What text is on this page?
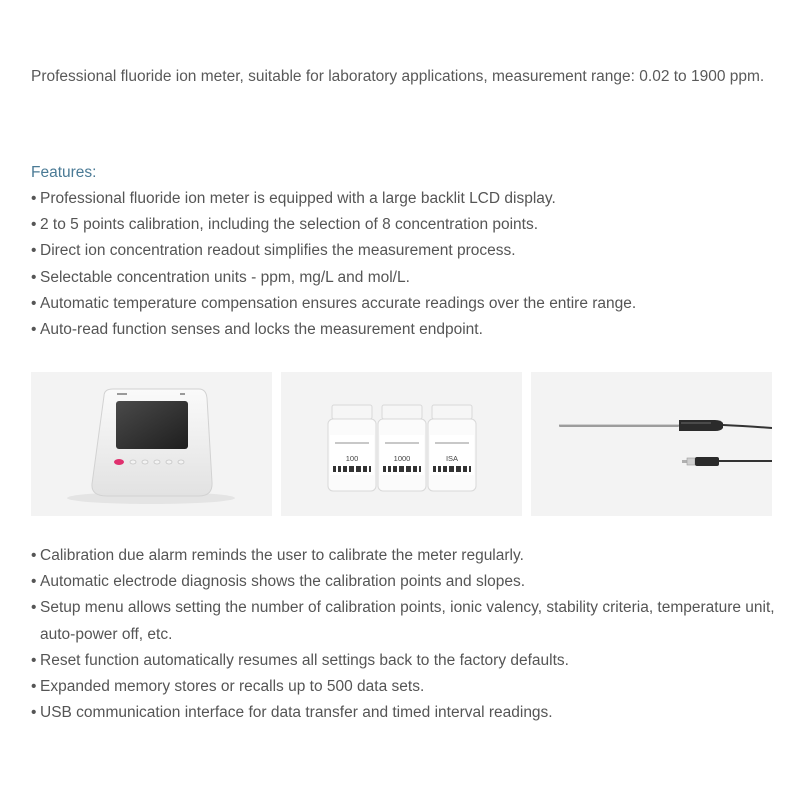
Professional fluoride ion meter, suitable for laboratory applications, measurement range: 0.02 to 1900 ppm.
Features:
• Professional fluoride ion meter is equipped with a large backlit LCD display.
• 2 to 5 points calibration, including the selection of 8 concentration points.
• Direct ion concentration readout simplifies the measurement process.
• Selectable concentration units - ppm, mg/L and mol/L.
• Automatic temperature compensation ensures accurate readings over the entire range.
• Auto-read function senses and locks the measurement endpoint.
100	1000	ISA
• Calibration due alarm reminds the user to calibrate the meter regularly.
• Automatic electrode diagnosis shows the calibration points and slopes.
• Setup menu allows setting the number of calibration points, ionic valency, stability criteria, temperature unit, auto-power off, etc.
• Reset function automatically resumes all settings back to the factory defaults.
• Expanded memory stores or recalls up to 500 data sets.
• USB communication interface for data transfer and timed interval readings.
